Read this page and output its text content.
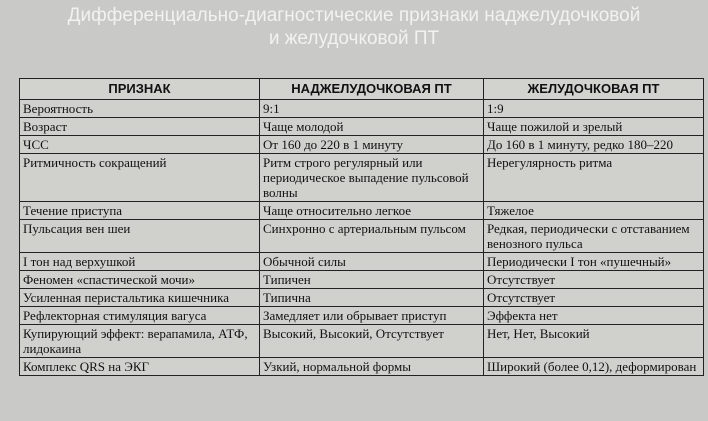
Дифференциально-диагностические признаки наджелудочковой
и желудочковой ПТ
ПРИЗНАК	НАДЖЕЛУДОЧКОВАЯ ПТ	ЖЕЛУДОЧКОВАЯ ПТ
Вероятность	9:1	1:9
Возраст	Чаще молодой	Чаще пожилой и зрелый
ЧСС	От 160 до 220 в 1 минуту	До 160 в 1 минуту, редко 180–220
Ритмичность сокращений	Ритм строго регулярный или периодическое выпадение пульсовой волны	Нерегулярность ритма
Течение приступа	Чаще относительно легкое	Тяжелое
Пульсация вен шеи	Синхронно с артериальным пульсом	Редкая, периодически с отставанием венозного пульса
I тон над верхушкой	Обычной силы	Периодически I тон «пушечный»
Феномен «спастической мочи»	Типичен	Отсутствует
Усиленная перистальтика кишечника	Типична	Отсутствует
Рефлекторная стимуляция вагуса	Замедляет или обрывает приступ	Эффекта нет
Купирующий эффект: верапамила, АТФ, лидокаина	Высокий, Высокий, Отсутствует	Нет, Нет, Высокий
Комплекс QRS на ЭКГ	Узкий, нормальной формы	Широкий (более 0,12), деформирован
